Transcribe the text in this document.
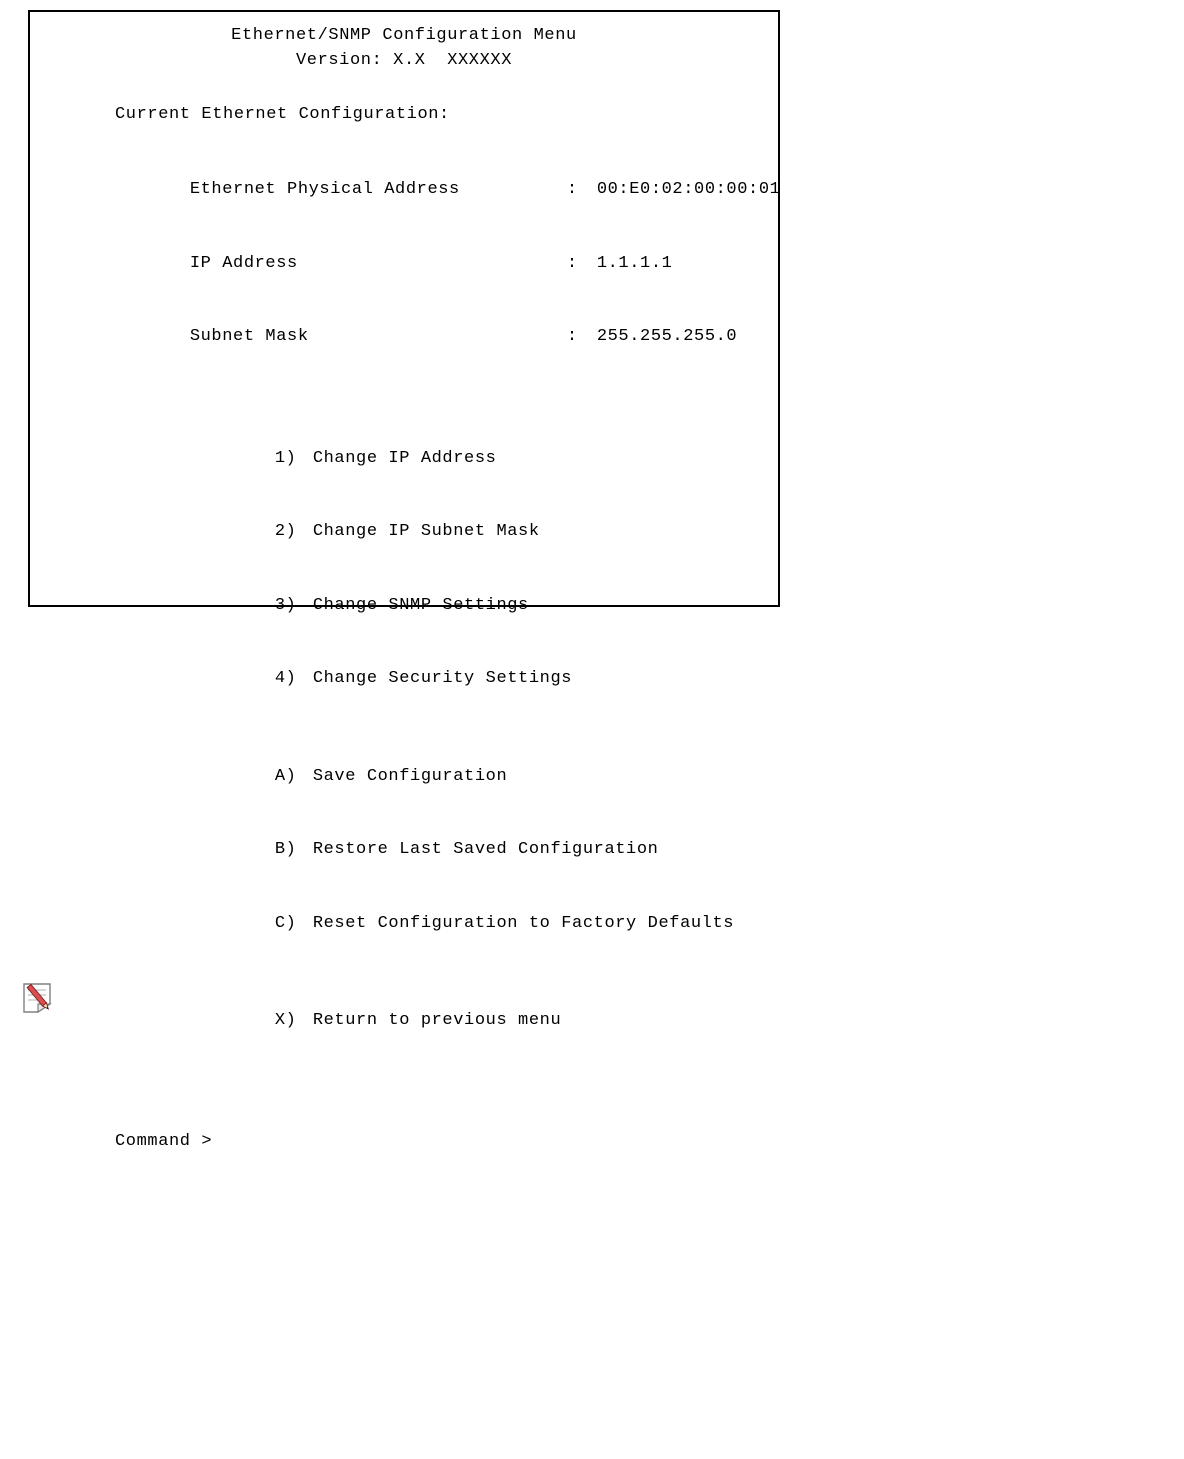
Ethernet/SNMP Configuration Menu
Version: X.X  XXXXXX
Current Ethernet Configuration:

Ethernet Physical Address	: 00:E0:02:00:00:01

IP Address	: 1.1.1.1

Subnet Mask	: 255.255.255.0

1) Change IP Address

2) Change IP Subnet Mask

3) Change SNMP Settings

4) Change Security Settings

A) Save Configuration

B) Restore Last Saved Configuration

C) Reset Configuration to Factory Defaults

X) Return to previous menu

Command >
